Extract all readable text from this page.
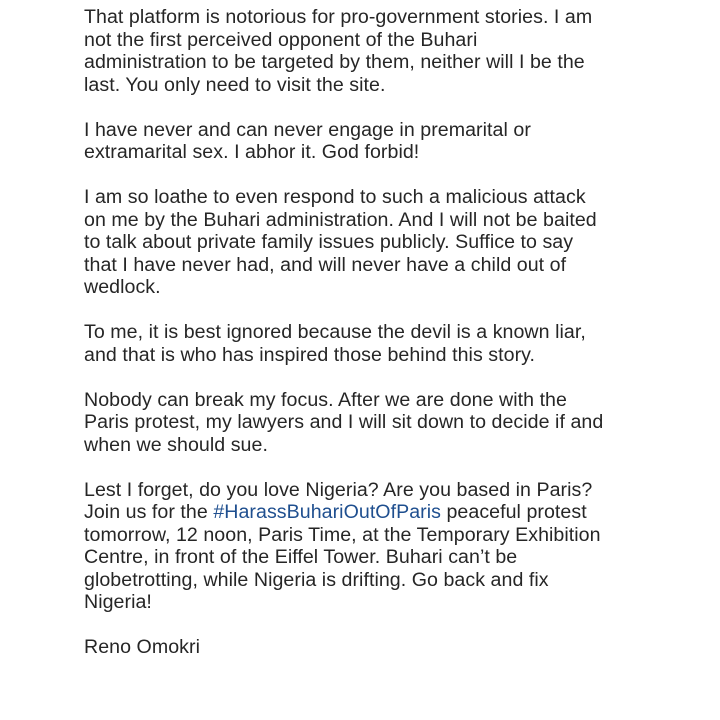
That platform is notorious for pro-government stories. I am
not the first perceived opponent of the Buhari
administration to be targeted by them, neither will I be the
last. You only need to visit the site.

I have never and can never engage in premarital or
extramarital sex. I abhor it. God forbid!

I am so loathe to even respond to such a malicious attack
on me by the Buhari administration. And I will not be baited
to talk about private family issues publicly. Suffice to say
that I have never had, and will never have a child out of
wedlock.

To me, it is best ignored because the devil is a known liar,
and that is who has inspired those behind this story.

Nobody can break my focus. After we are done with the
Paris protest, my lawyers and I will sit down to decide if and
when we should sue.

Lest I forget, do you love Nigeria? Are you based in Paris?
Join us for the #HarassBuhariOutOfParis peaceful protest
tomorrow, 12 noon, Paris Time, at the Temporary Exhibition
Centre, in front of the Eiffel Tower. Buhari can’t be
globetrotting, while Nigeria is drifting. Go back and fix
Nigeria!

Reno Omokri
